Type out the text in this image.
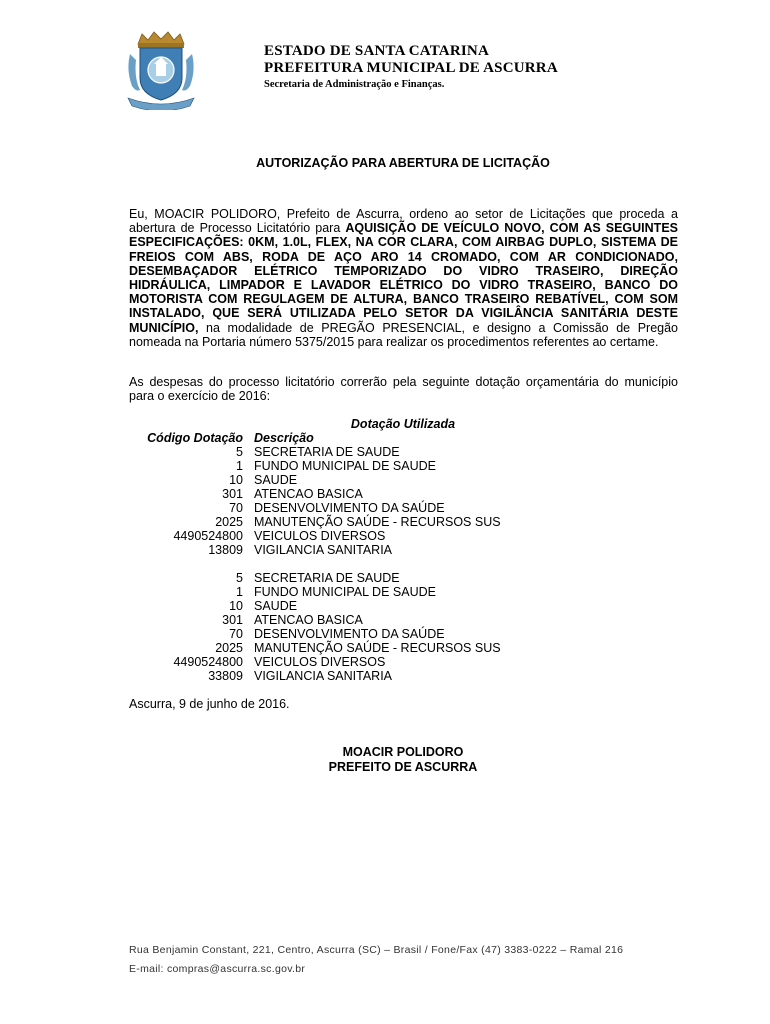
ESTADO DE SANTA CATARINA
PREFEITURA MUNICIPAL DE ASCURRA
Secretaria de Administração e Finanças.
AUTORIZAÇÃO PARA ABERTURA DE LICITAÇÃO
Eu, MOACIR POLIDORO, Prefeito de Ascurra, ordeno ao setor de Licitações que proceda a abertura de Processo Licitatório para AQUISIÇÃO DE VEÍCULO NOVO, COM AS SEGUINTES ESPECIFICAÇÕES: 0KM, 1.0L, FLEX, NA COR CLARA, COM AIRBAG DUPLO, SISTEMA DE FREIOS COM ABS, RODA DE AÇO ARO 14 CROMADO, COM AR CONDICIONADO, DESEMBAÇADOR ELÉTRICO TEMPORIZADO DO VIDRO TRASEIRO, DIREÇÃO HIDRÁULICA, LIMPADOR E LAVADOR ELÉTRICO DO VIDRO TRASEIRO, BANCO DO MOTORISTA COM REGULAGEM DE ALTURA, BANCO TRASEIRO REBATÍVEL, COM SOM INSTALADO, QUE SERÁ UTILIZADA PELO SETOR DA VIGILÂNCIA SANITÁRIA DESTE MUNICÍPIO, na modalidade de PREGÃO PRESENCIAL, e designo a Comissão de Pregão nomeada na Portaria número 5375/2015 para realizar os procedimentos referentes ao certame.
As despesas do processo licitatório correrão pela seguinte dotação orçamentária do município para o exercício de 2016:
Dotação Utilizada
Código Dotação Descrição
5 SECRETARIA DE SAUDE
1 FUNDO MUNICIPAL DE SAUDE
10 SAUDE
301 ATENCAO BASICA
70 DESENVOLVIMENTO DA SAÚDE
2025 MANUTENÇÃO SAÚDE - RECURSOS SUS
4490524800 VEICULOS DIVERSOS
13809 VIGILANCIA SANITARIA
5 SECRETARIA DE SAUDE
1 FUNDO MUNICIPAL DE SAUDE
10 SAUDE
301 ATENCAO BASICA
70 DESENVOLVIMENTO DA SAÚDE
2025 MANUTENÇÃO SAÚDE - RECURSOS SUS
4490524800 VEICULOS DIVERSOS
33809 VIGILANCIA SANITARIA
Ascurra, 9 de junho de 2016.
MOACIR POLIDORO
PREFEITO DE ASCURRA
Rua Benjamin Constant, 221, Centro, Ascurra (SC) – Brasil / Fone/Fax (47) 3383-0222 – Ramal 216
E-mail: compras@ascurra.sc.gov.br
